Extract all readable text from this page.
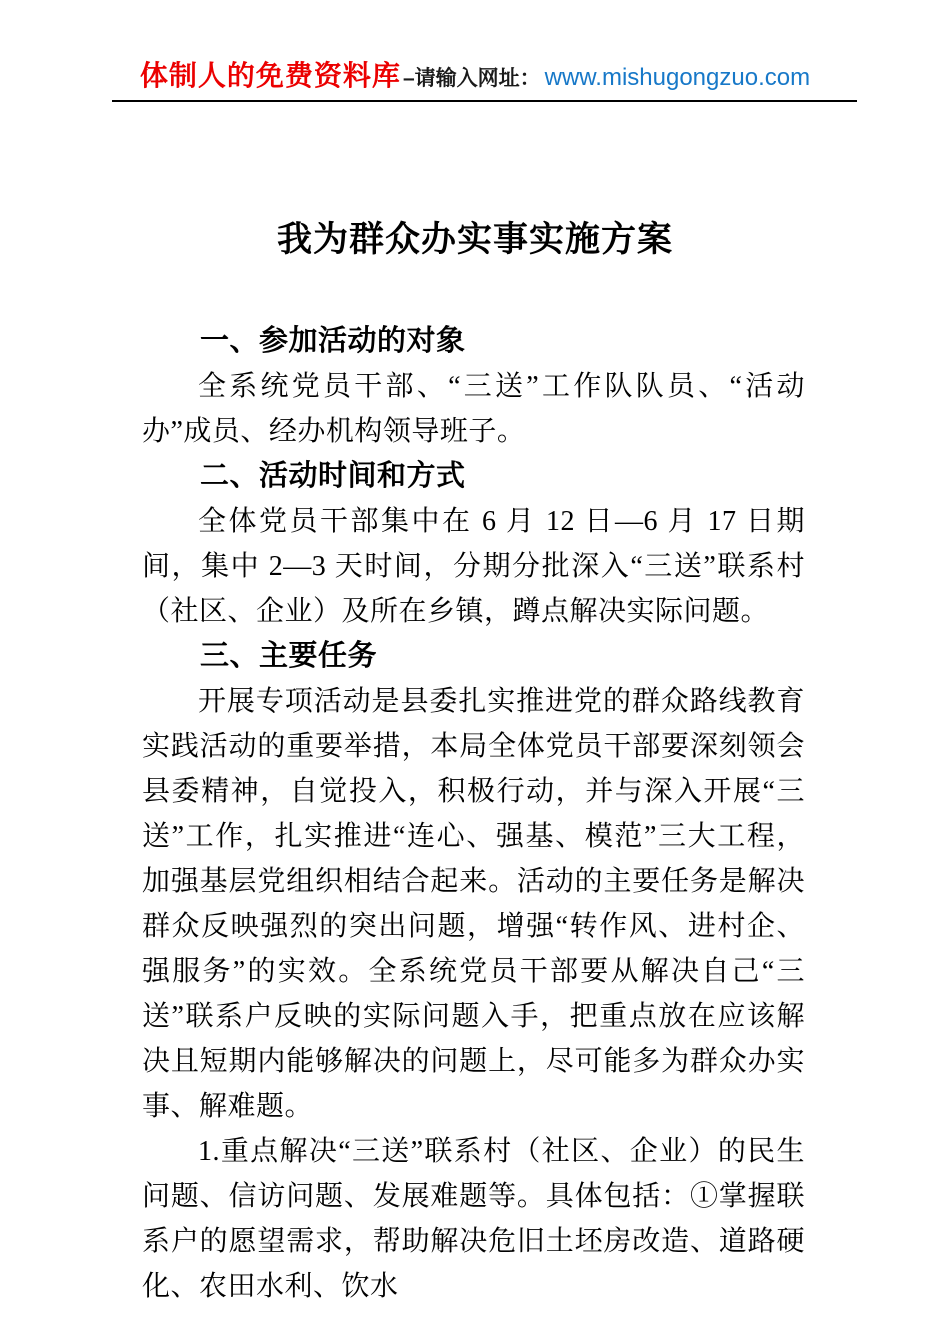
体制人的免费资料库–请输入网址： www.mishugongzuo.com
我为群众办实事实施方案
一、参加活动的对象

全系统党员干部、“三送”工作队队员、“活动办”成员、经办机构领导班子。

二、活动时间和方式

全体党员干部集中在 6 月 12 日—6 月 17 日期间，集中 2—3 天时间，分期分批深入“三送”联系村（社区、企业）及所在乡镇，蹲点解决实际问题。

三、主要任务

开展专项活动是县委扎实推进党的群众路线教育实践活动的重要举措，本局全体党员干部要深刻领会县委精神，自觉投入，积极行动，并与深入开展“三送”工作，扎实推进“连心、强基、模范”三大工程，加强基层党组织相结合起来。活动的主要任务是解决群众反映强烈的突出问题，增强“转作风、进村企、强服务”的实效。全系统党员干部要从解决自己“三送”联系户反映的实际问题入手，把重点放在应该解决且短期内能够解决的问题上，尽可能多为群众办实事、解难题。

1.重点解决“三送”联系村（社区、企业）的民生问题、信访问题、发展难题等。具体包括：①掌握联系户的愿望需求，帮助解决危旧土坯房改造、道路硬化、农田水利、饮水
